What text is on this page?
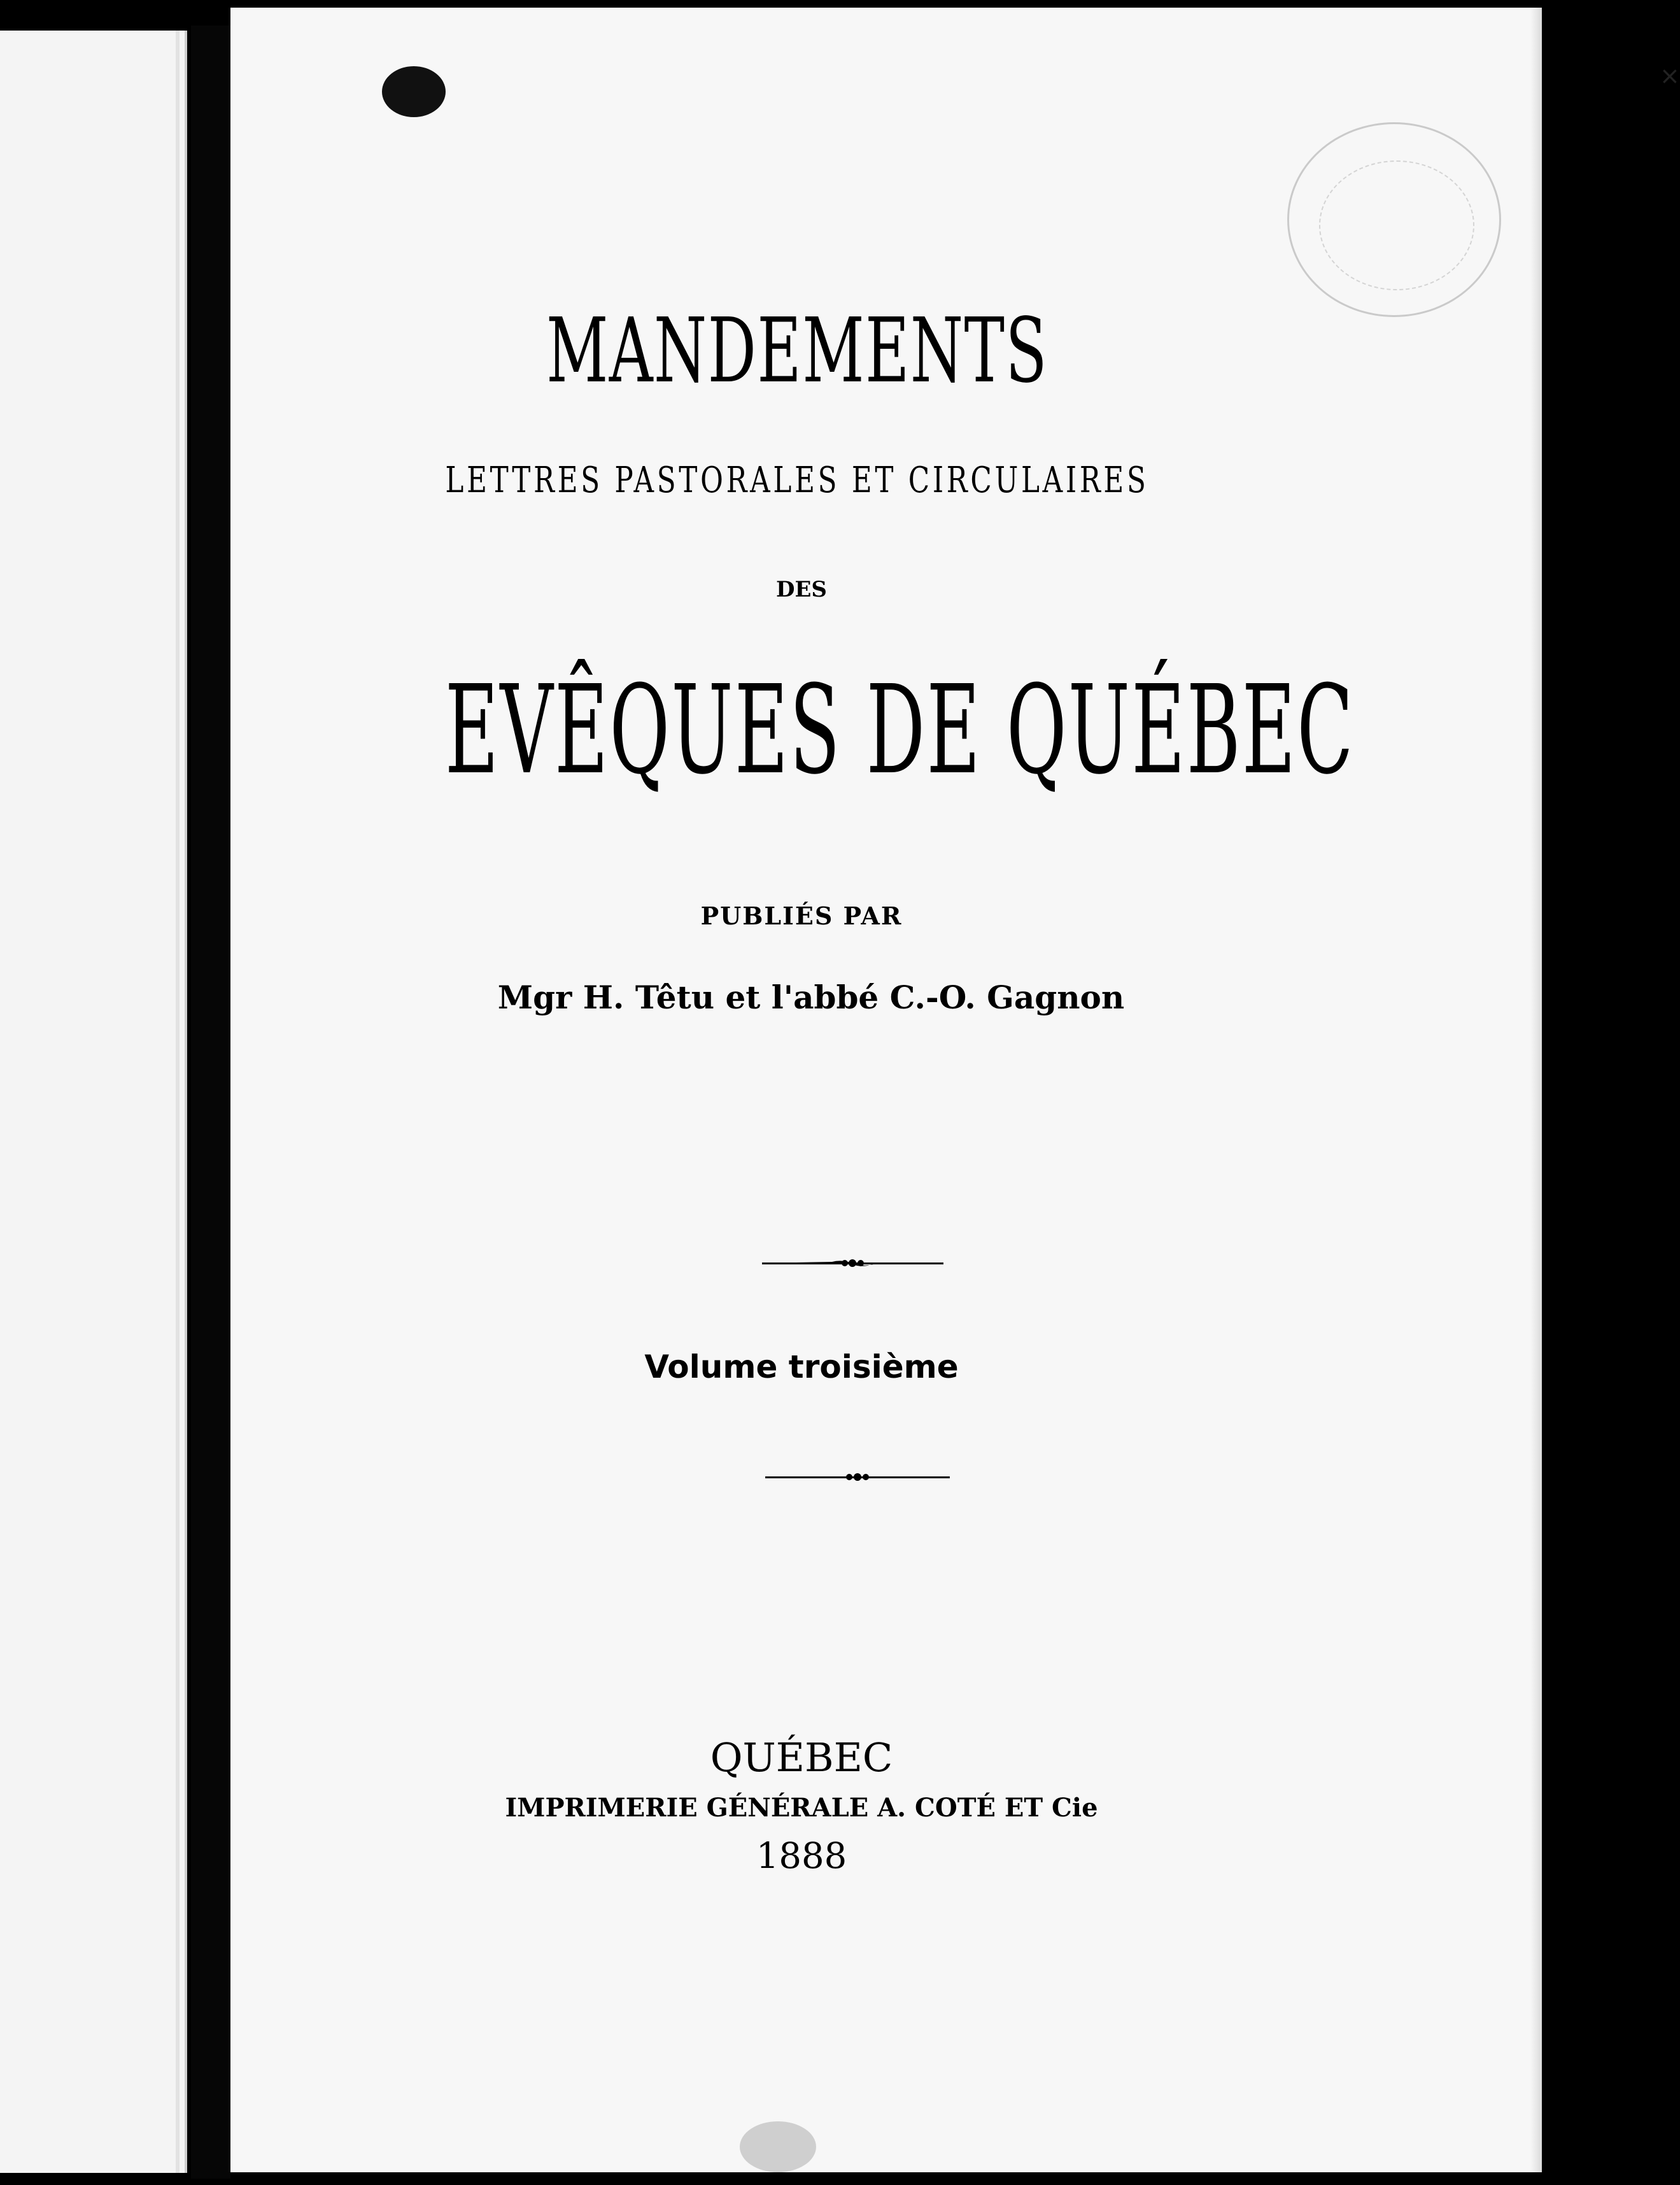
×
MANDEMENTS
LETTRES PASTORALES ET CIRCULAIRES
DES
EVÊQUES DE QUÉBEC
PUBLIÉS PAR
Mgr H. Têtu et l'abbé C.-O. Gagnon
Volume troisième
QUÉBEC
IMPRIMERIE GÉNÉRALE A. COTÉ ET Cie
1888
